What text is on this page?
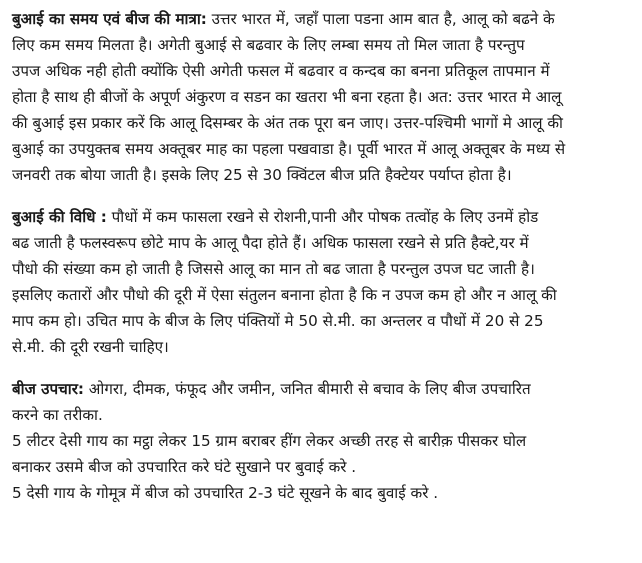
बुआई का समय एवं बीज की मात्रा: उत्तर भारत में, जहाँ पाला पडना आम बात है, आलू को बढने के
लिए कम समय मिलता है। अगेती बुआई से बढवार के लिए लम्बा समय तो मिल जाता है परन्तुप
उपज अधिक नही होती क्योंकि ऐसी अगेती फसल में बढवार व कन्दब का बनना प्रतिकूल तापमान में
होता है साथ ही बीजों के अपूर्ण अंकुरण व सडन का खतरा भी बना रहता है। अत: उत्तर भारत मे आलू
की बुआई इस प्रकार करें कि आलू दिसम्बर के अंत तक पूरा बन जाए। उत्तर-पश्चिमी भागों मे आलू की
बुआई का उपयुक्तब समय अक्तूबर माह का पहला पखवाडा है। पूर्वी भारत में आलू अक्तूबर के मध्य से
जनवरी तक बोया जाती है। इसके लिए 25 से 30 क्विंटल बीज प्रति हैक्टेयर पर्याप्त होता है।

बुआई की विधि : पौधों में कम फासला रखने से रोशनी,पानी और पोषक तत्वोंह के लिए उनमें होड
बढ जाती है फलस्वरूप छोटे माप के आलू पैदा होते हैं। अधिक फासला रखने से प्रति हैक्टे,यर में
पौधो की संख्या कम हो जाती है जिससे आलू का मान तो बढ जाता है परन्तुल उपज घट जाती है।
इसलिए कतारों और पौधो की दूरी में ऐसा संतुलन बनाना होता है कि न उपज कम हो और न आलू की
माप कम हो। उचित माप के बीज के लिए पंक्तियों मे 50 से.मी. का अन्तलर व पौधों में 20 से 25
से.मी. की दूरी रखनी चाहिए।

बीज उपचार: ओगरा, दीमक, फंफूद और जमीन, जनित बीमारी से बचाव के लिए बीज उपचारित
करने का तरीका.
5 लीटर देसी गाय का मट्ठा लेकर 15 ग्राम बराबर हींग लेकर अच्छी तरह से बारीक़ पीसकर घोल
बनाकर उसमे बीज को उपचारित करे घंटे सुखाने पर बुवाई करे .
5 देसी गाय के गोमूत्र में बीज को उपचारित 2-3 घंटे सूखने के बाद बुवाई करे .
